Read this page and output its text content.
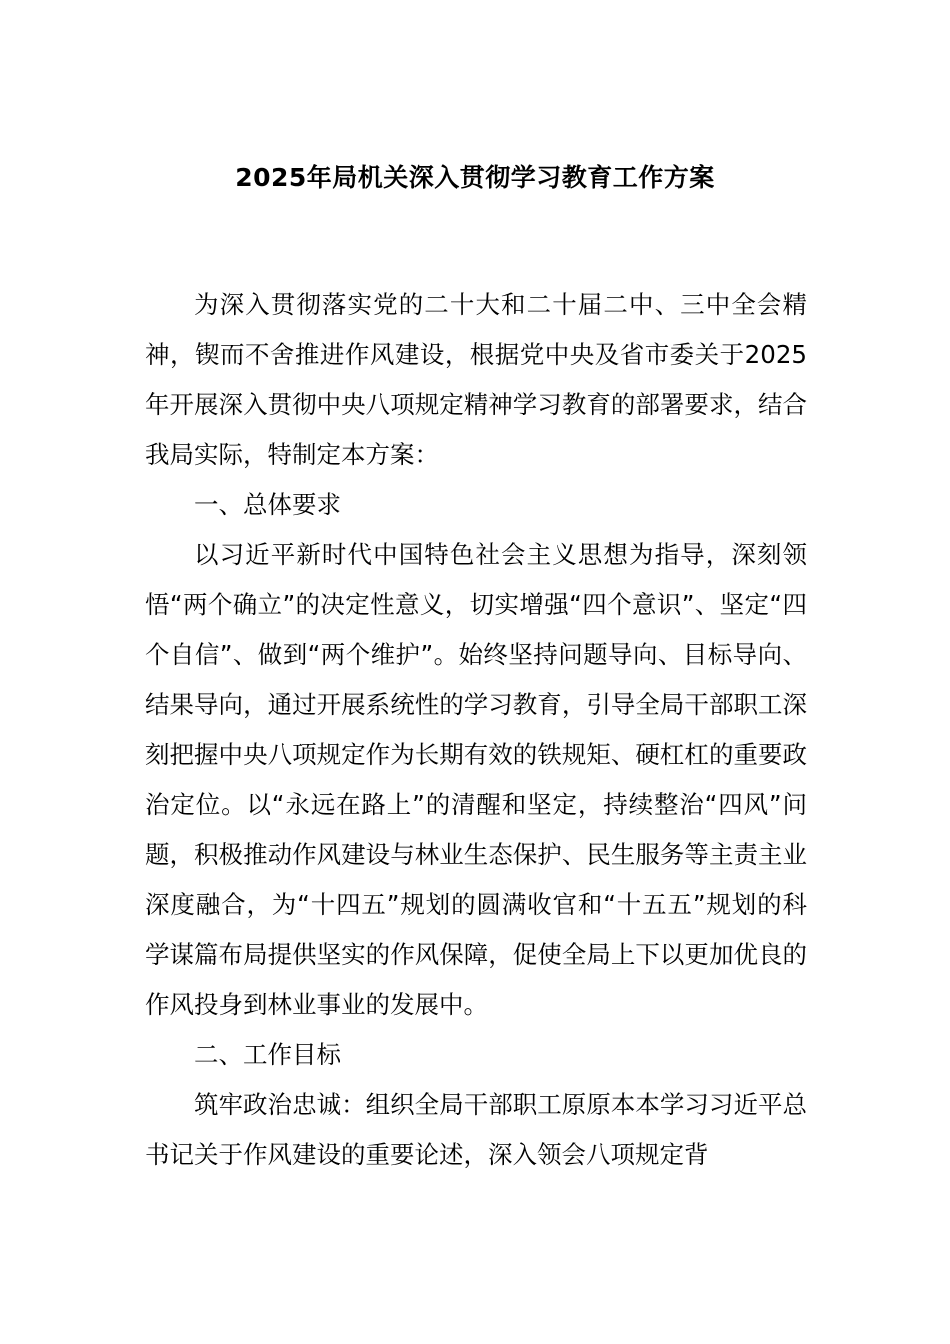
2025年局机关深入贯彻学习教育工作方案

为深入贯彻落实党的二十大和二十届二中、三中全会精神，锲而不舍推进作风建设，根据党中央及省市委关于2025年开展深入贯彻中央八项规定精神学习教育的部署要求，结合我局实际，特制定本方案：

一、总体要求

以习近平新时代中国特色社会主义思想为指导，深刻领悟“两个确立”的决定性意义，切实增强“四个意识”、坚定“四个自信”、做到“两个维护”。始终坚持问题导向、目标导向、结果导向，通过开展系统性的学习教育，引导全局干部职工深刻把握中央八项规定作为长期有效的铁规矩、硬杠杠的重要政治定位。以“永远在路上”的清醒和坚定，持续整治“四风”问题，积极推动作风建设与林业生态保护、民生服务等主责主业深度融合，为“十四五”规划的圆满收官和“十五五”规划的科学谋篇布局提供坚实的作风保障，促使全局上下以更加优良的作风投身到林业事业的发展中。

二、工作目标

筑牢政治忠诚：组织全局干部职工原原本本学习习近平总书记关于作风建设的重要论述，深入领会八项规定背
